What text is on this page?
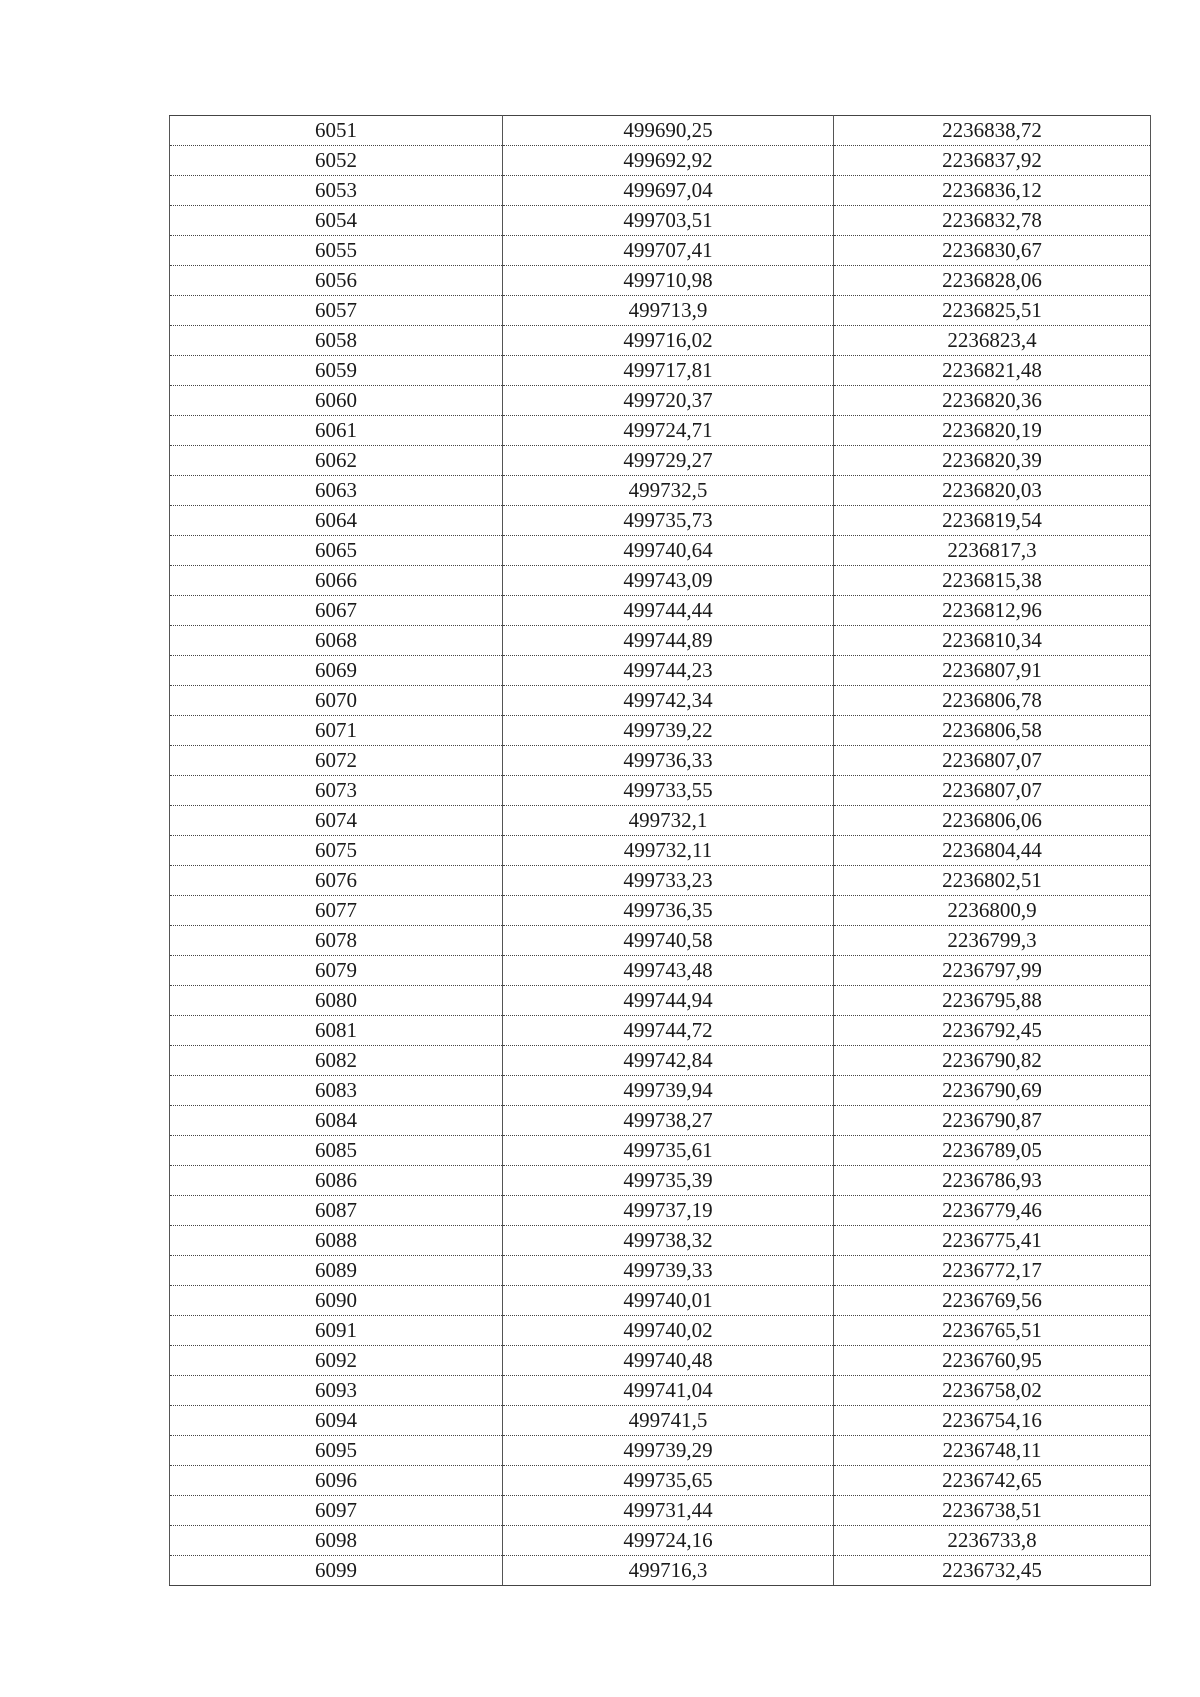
6051	499690,25	2236838,72
6052	499692,92	2236837,92
6053	499697,04	2236836,12
6054	499703,51	2236832,78
6055	499707,41	2236830,67
6056	499710,98	2236828,06
6057	499713,9	2236825,51
6058	499716,02	2236823,4
6059	499717,81	2236821,48
6060	499720,37	2236820,36
6061	499724,71	2236820,19
6062	499729,27	2236820,39
6063	499732,5	2236820,03
6064	499735,73	2236819,54
6065	499740,64	2236817,3
6066	499743,09	2236815,38
6067	499744,44	2236812,96
6068	499744,89	2236810,34
6069	499744,23	2236807,91
6070	499742,34	2236806,78
6071	499739,22	2236806,58
6072	499736,33	2236807,07
6073	499733,55	2236807,07
6074	499732,1	2236806,06
6075	499732,11	2236804,44
6076	499733,23	2236802,51
6077	499736,35	2236800,9
6078	499740,58	2236799,3
6079	499743,48	2236797,99
6080	499744,94	2236795,88
6081	499744,72	2236792,45
6082	499742,84	2236790,82
6083	499739,94	2236790,69
6084	499738,27	2236790,87
6085	499735,61	2236789,05
6086	499735,39	2236786,93
6087	499737,19	2236779,46
6088	499738,32	2236775,41
6089	499739,33	2236772,17
6090	499740,01	2236769,56
6091	499740,02	2236765,51
6092	499740,48	2236760,95
6093	499741,04	2236758,02
6094	499741,5	2236754,16
6095	499739,29	2236748,11
6096	499735,65	2236742,65
6097	499731,44	2236738,51
6098	499724,16	2236733,8
6099	499716,3	2236732,45
